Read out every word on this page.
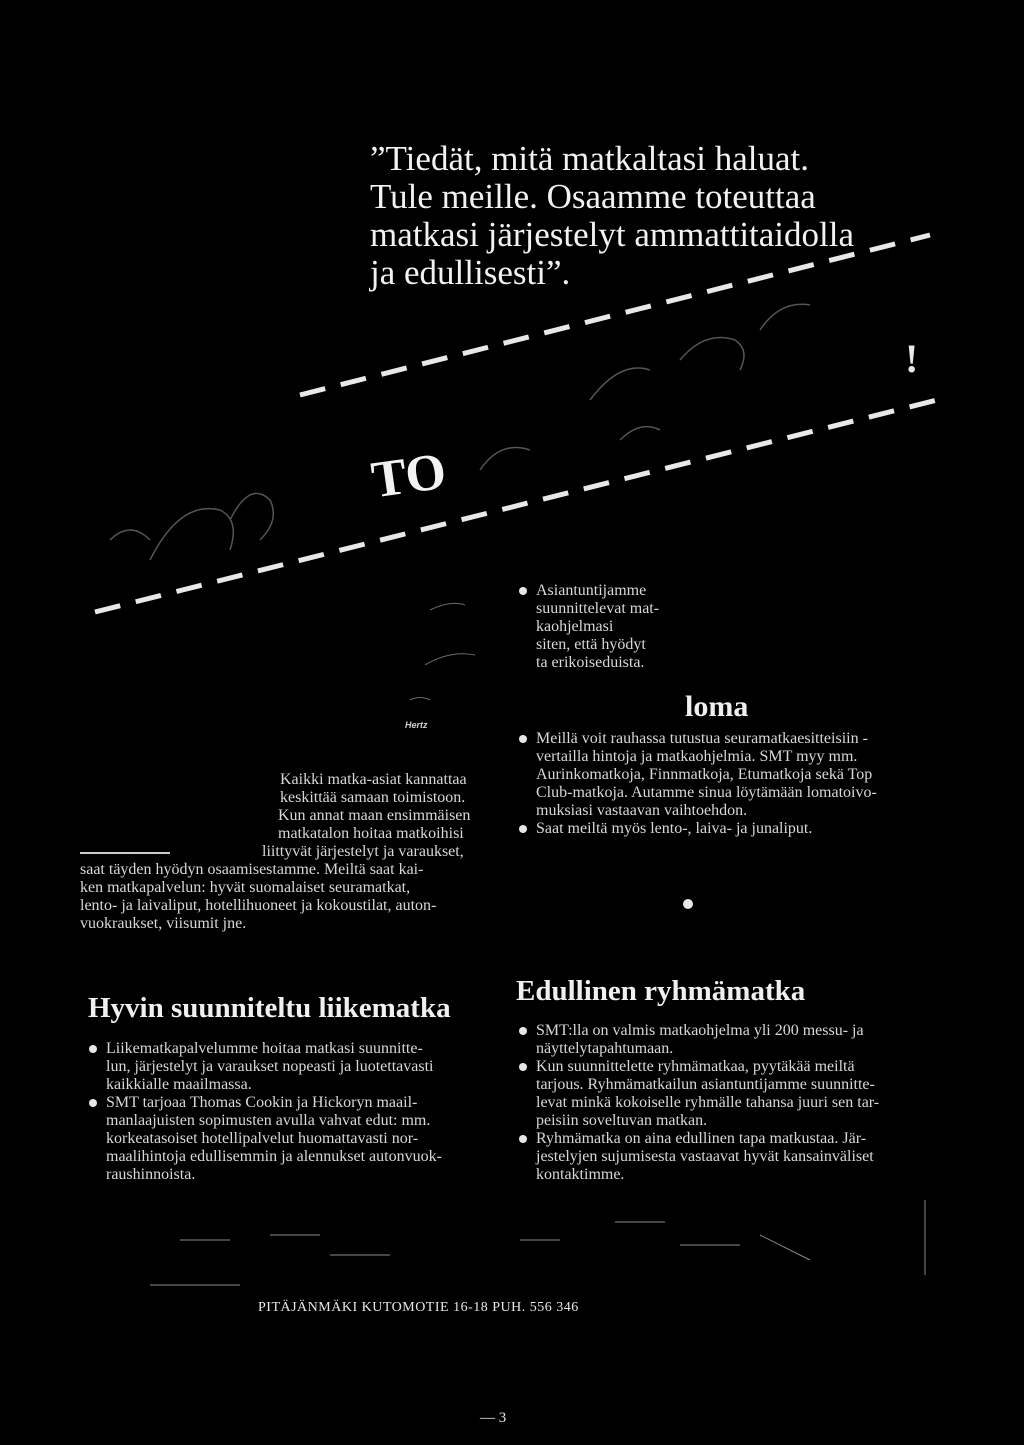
!
TO
Hertz
”Tiedät, mitä matkaltasi haluat.
Tule meille. Osaamme toteuttaa
matkasi järjestelyt ammattitaidolla
ja edullisesti”.
Asiantuntijamme
suunnittelevat mat-
kaohjelmasi
siten, että hyödyt
ta erikoiseduista.
loma
Meillä voit rauhassa tutustua seuramatkaesitteisiin -
vertailla hintoja ja matkaohjelmia. SMT myy mm.
Aurinkomatkoja, Finnmatkoja, Etumatkoja sekä Top
Club-matkoja. Autamme sinua löytämään lomatoivo-
muksiasi vastaavan vaihtoehdon.
Saat meiltä myös lento-, laiva- ja junaliput.
Kaikki matka-asiat kannattaa
keskittää samaan toimistoon.
Kun annat maan ensimmäisen
matkatalon hoitaa matkoihisi
liittyvät järjestelyt ja varaukset,
saat täyden hyödyn osaamisestamme. Meiltä saat kai-
ken matkapalvelun: hyvät suomalaiset seuramatkat,
lento- ja laivaliput, hotellihuoneet ja kokoustilat, auton-
vuokraukset, viisumit jne.
Hyvin suunniteltu liikematka
Liikematkapalvelumme hoitaa matkasi suunnitte-
lun, järjestelyt ja varaukset nopeasti ja luotettavasti
kaikkialle maailmassa.
SMT tarjoaa Thomas Cookin ja Hickoryn maail-
manlaajuisten sopimusten avulla vahvat edut: mm.
korkeatasoiset hotellipalvelut huomattavasti nor-
maalihintoja edullisemmin ja alennukset autonvuok-
raushinnoista.
Edullinen ryhmämatka
SMT:lla on valmis matkaohjelma yli 200 messu- ja
näyttelytapahtumaan.
Kun suunnittelette ryhmämatkaa, pyytäkää meiltä
tarjous. Ryhmämatkailun asiantuntijamme suunnitte-
levat minkä kokoiselle ryhmälle tahansa juuri sen tar-
peisiin soveltuvan matkan.
Ryhmämatka on aina edullinen tapa matkustaa. Jär-
jestelyjen sujumisesta vastaavat hyvät kansainväliset
kontaktimme.
PITÄJÄNMÄKI KUTOMOTIE 16-18 PUH. 556 346
— 3
